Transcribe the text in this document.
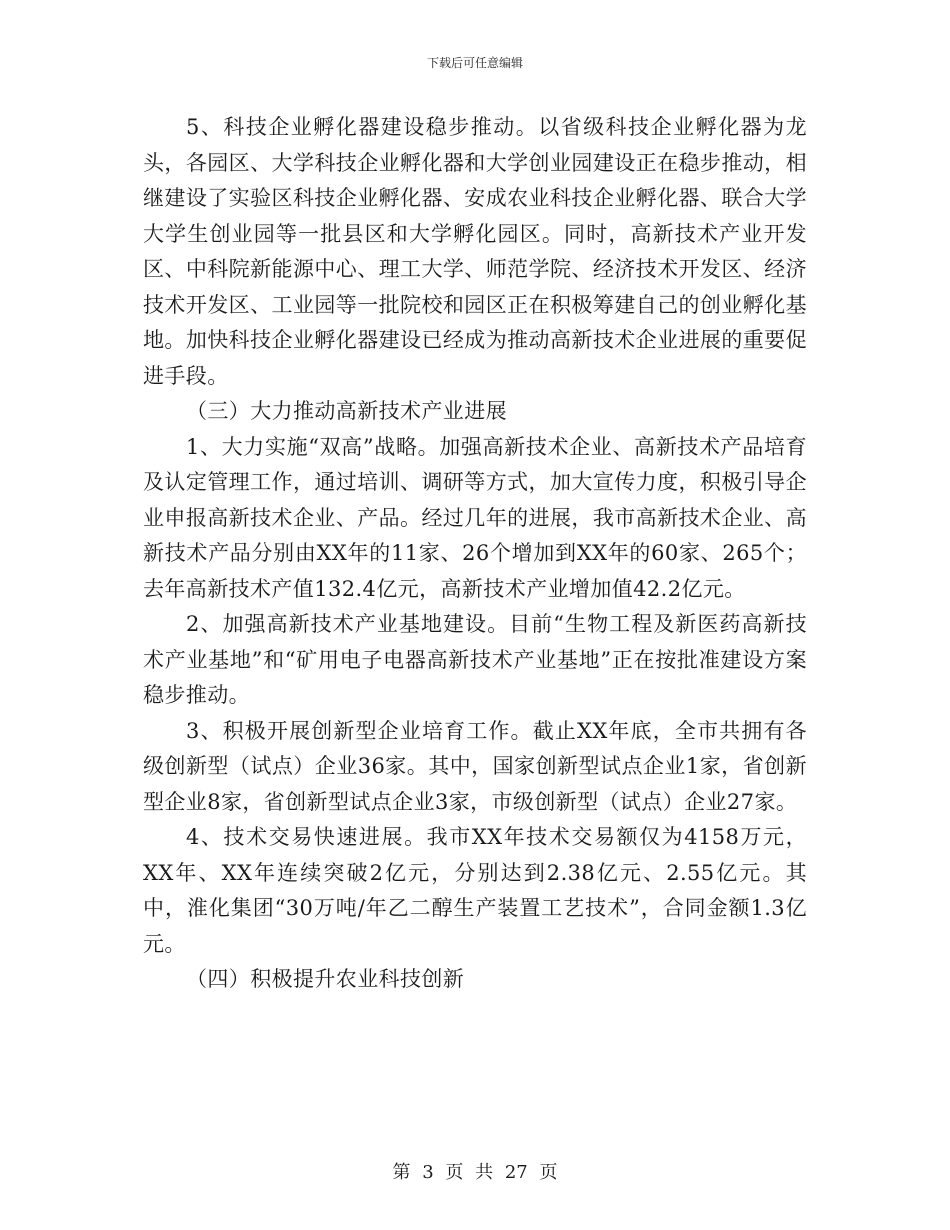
下载后可任意编辑

5、科技企业孵化器建设稳步推动。以省级科技企业孵化器为龙头，各园区、大学科技企业孵化器和大学创业园建设正在稳步推动，相继建设了实验区科技企业孵化器、安成农业科技企业孵化器、联合大学大学生创业园等一批县区和大学孵化园区。同时，高新技术产业开发区、中科院新能源中心、理工大学、师范学院、经济技术开发区、经济技术开发区、工业园等一批院校和园区正在积极筹建自己的创业孵化基地。加快科技企业孵化器建设已经成为推动高新技术企业进展的重要促进手段。

（三）大力推动高新技术产业进展

1、大力实施“双高”战略。加强高新技术企业、高新技术产品培育及认定管理工作，通过培训、调研等方式，加大宣传力度，积极引导企业申报高新技术企业、产品。经过几年的进展，我市高新技术企业、高新技术产品分别由XX年的11家、26个增加到XX年的60家、265个；去年高新技术产值132.4亿元，高新技术产业增加值42.2亿元。

2、加强高新技术产业基地建设。目前“生物工程及新医药高新技术产业基地”和“矿用电子电器高新技术产业基地”正在按批准建设方案稳步推动。

3、积极开展创新型企业培育工作。截止XX年底，全市共拥有各级创新型（试点）企业36家。其中，国家创新型试点企业1家，省创新型企业8家，省创新型试点企业3家，市级创新型（试点）企业27家。

4、技术交易快速进展。我市XX年技术交易额仅为4158万元，XX年、XX年连续突破2亿元，分别达到2.38亿元、2.55亿元。其中，淮化集团“30万吨/年乙二醇生产装置工艺技术”，合同金额1.3亿元。

（四）积极提升农业科技创新

第 3 页 共 27 页
